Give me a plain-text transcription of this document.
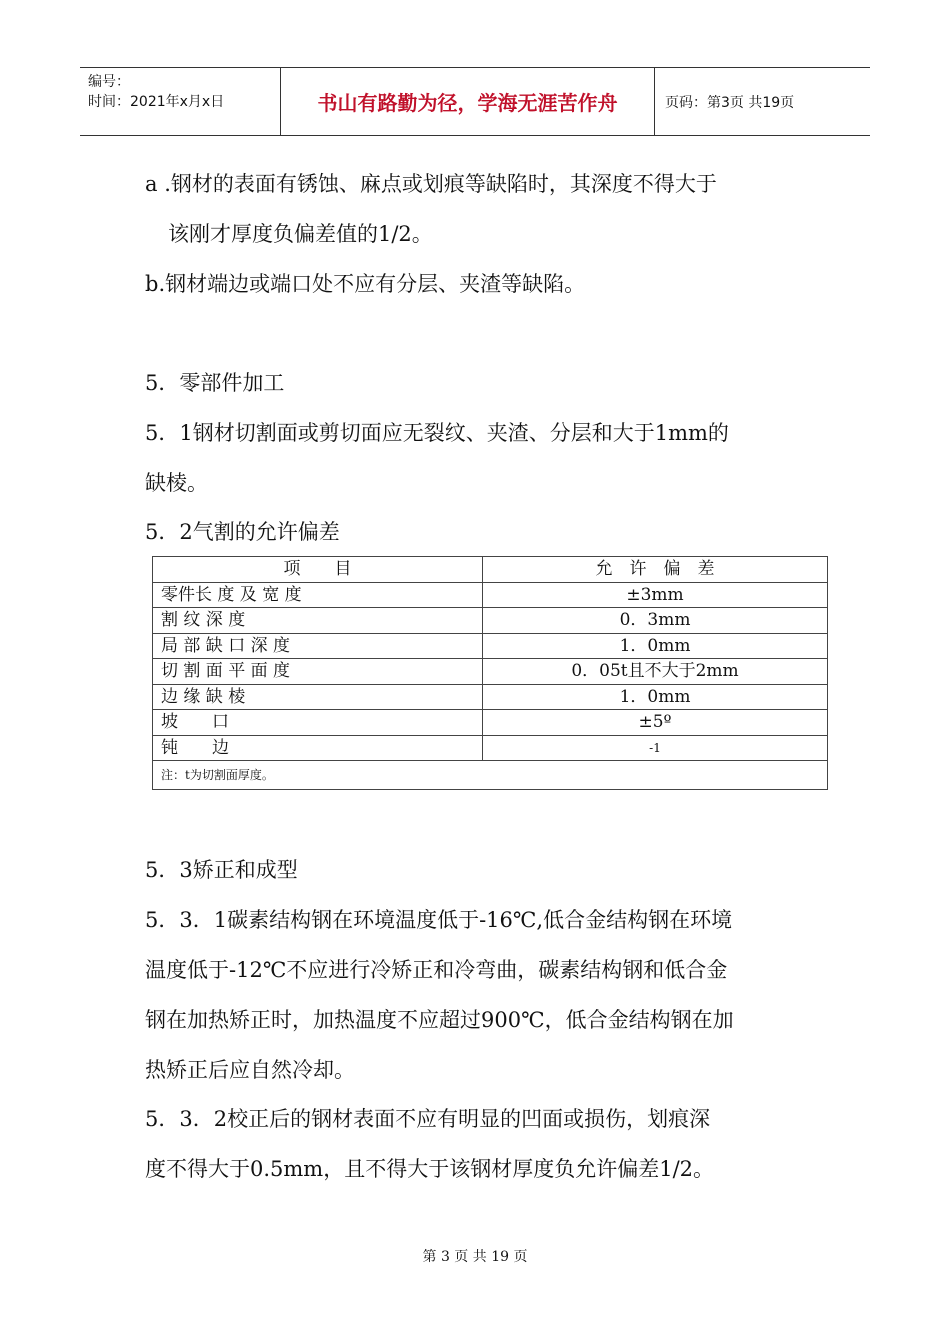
编号：
时间：2021年x月x日	书山有路勤为径，学海无涯苦作舟	页码：第3页 共19页
a .钢材的表面有锈蚀、麻点或划痕等缺陷时，其深度不得大于
该刚才厚度负偏差值的1/2。
b.钢材端边或端口处不应有分层、夹渣等缺陷。
5．零部件加工
5．1钢材切割面或剪切面应无裂纹、夹渣、分层和大于1mm的
缺棱。
5．2气割的允许偏差
项　　目	允　许　偏　差
零件长 度 及 宽 度	±3mm
割 纹 深 度	0．3mm
局 部 缺 口 深 度	1．0mm
切 割 面 平 面 度	0．05t且不大于2mm
边 缘 缺 棱	1．0mm
坡　　口	±5º
钝　　边	-1
注：t为切割面厚度。	
5．3矫正和成型
5．3．1碳素结构钢在环境温度低于-16℃,低合金结构钢在环境
温度低于-12℃不应进行冷矫正和冷弯曲，碳素结构钢和低合金
钢在加热矫正时，加热温度不应超过900℃，低合金结构钢在加
热矫正后应自然冷却。
5．3．2校正后的钢材表面不应有明显的凹面或损伤，划痕深
度不得大于0.5mm，且不得大于该钢材厚度负允许偏差1/2。
第 3 页 共 19 页
